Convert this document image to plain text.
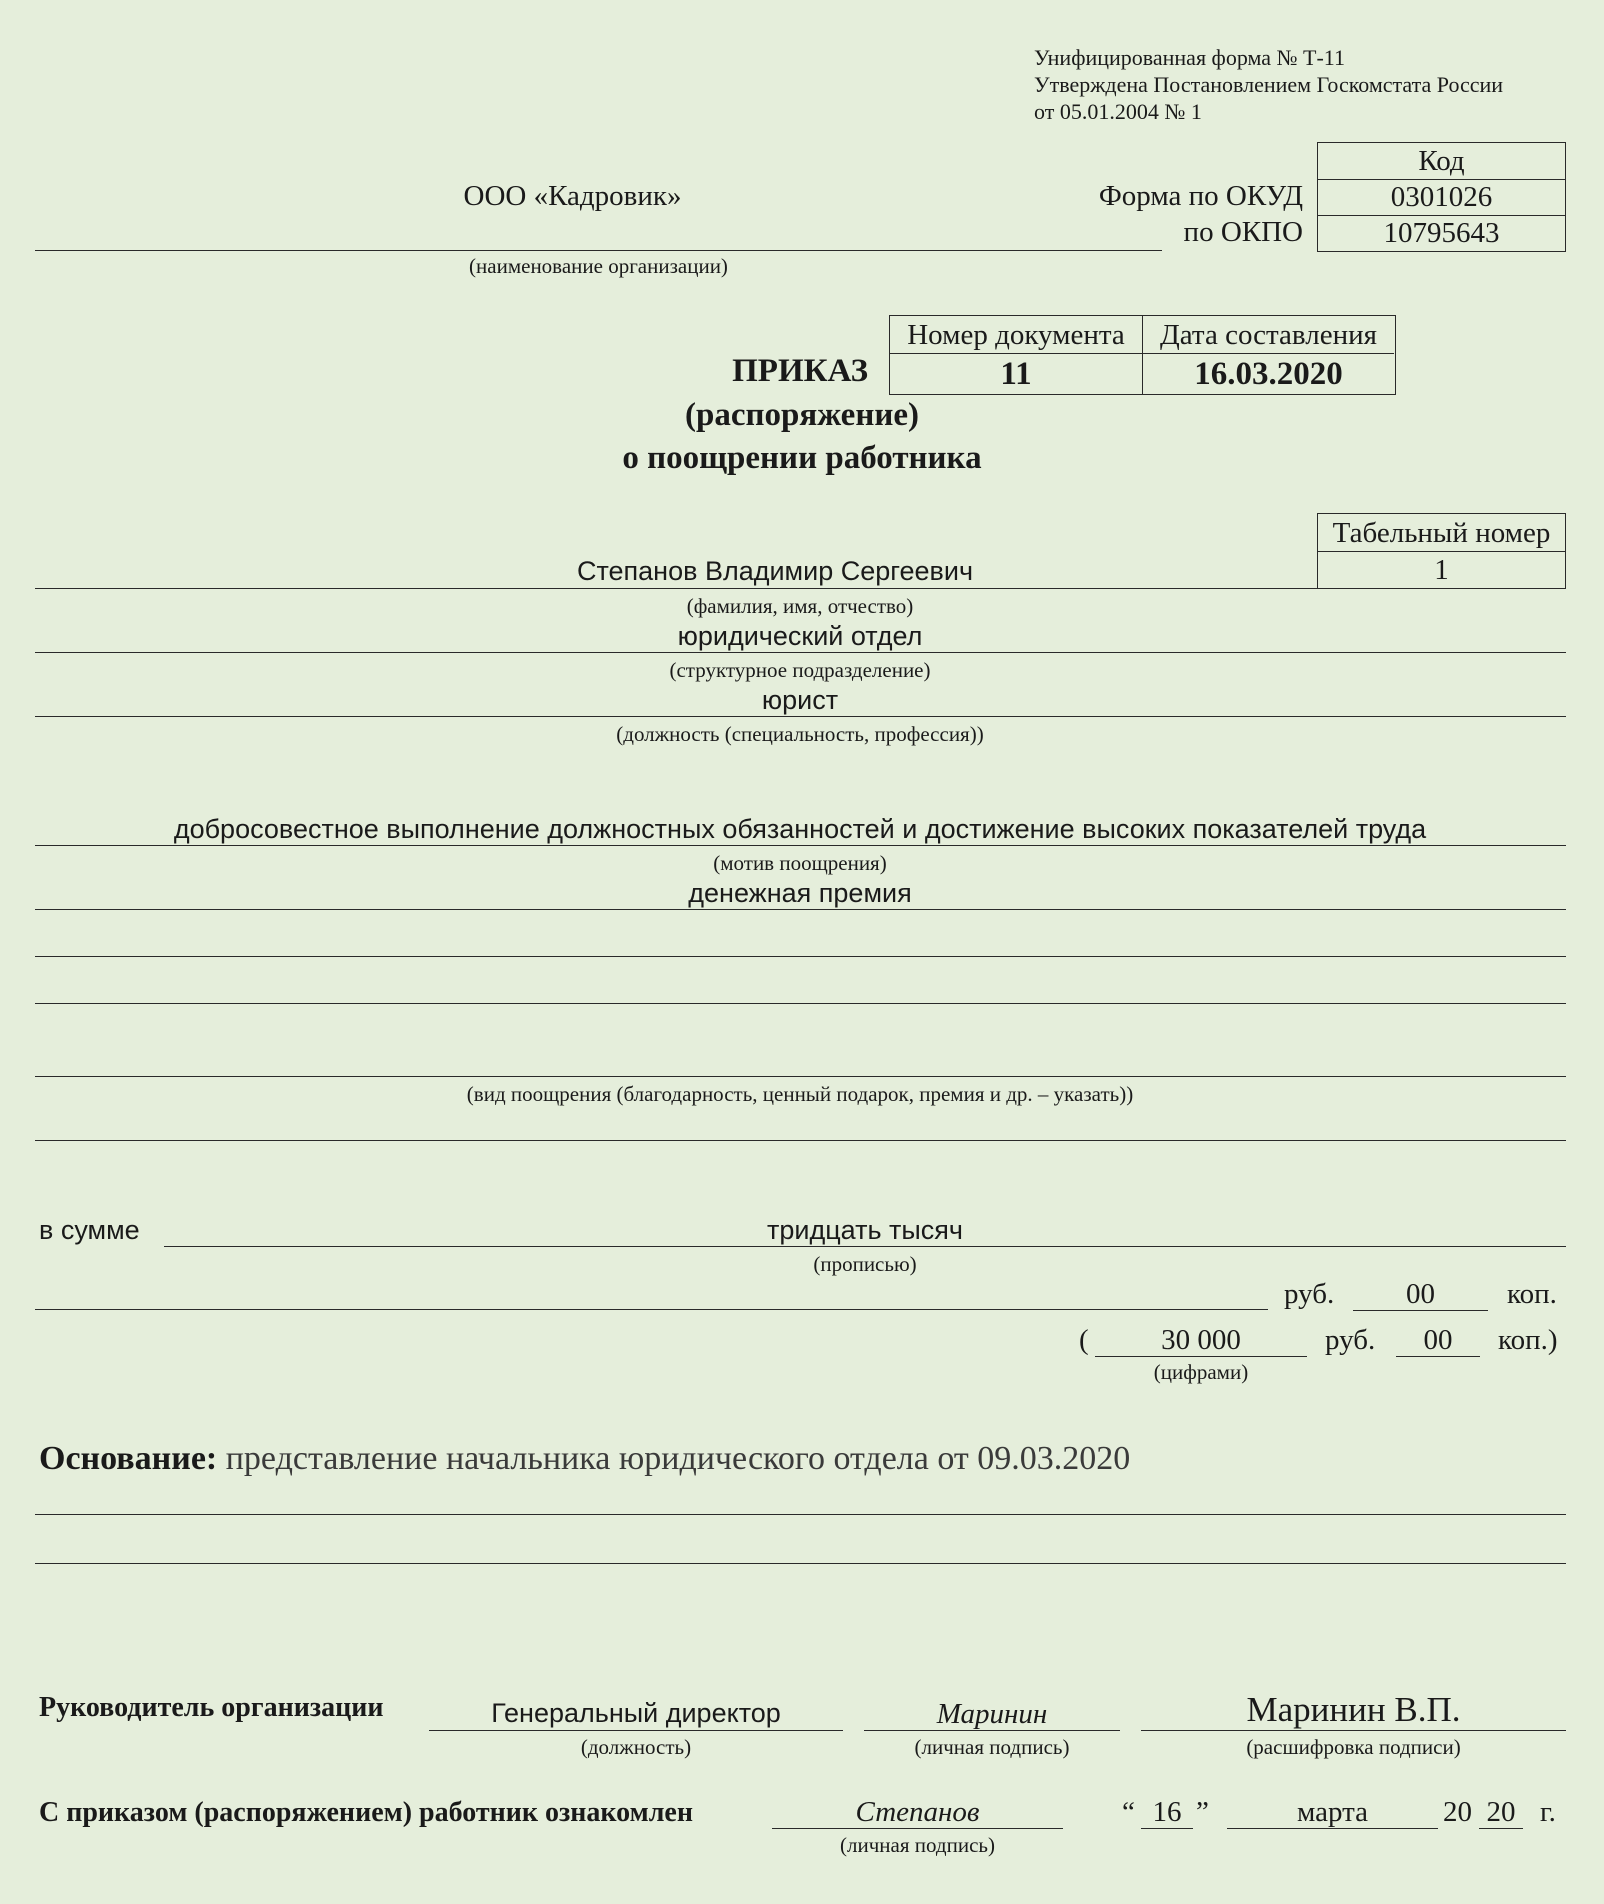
Унифицированная форма № Т-11
Утверждена Постановлением Госкомстата России
от 05.01.2004 № 1
Код
0301026
10795643
Форма по ОКУД
по ОКПО
ООО «Кадровик»
(наименование организации)
Номер документа	Дата составления
11	16.03.2020
ПРИКАЗ
(распоряжение)
о поощрении работника
Табельный номер
1
Степанов Владимир Сергеевич
(фамилия, имя, отчество)
юридический отдел
(структурное подразделение)
юрист
(должность (специальность, профессия))
добросовестное выполнение должностных обязанностей и достижение высоких показателей труда
(мотив поощрения)
денежная премия
(вид поощрения (благодарность, ценный подарок, премия и др. – указать))
в сумме	тридцать тысяч
(прописью)
руб.	00	коп.
(	30 000
(цифрами)
руб.	00	коп.)
Основание: представление начальника юридического отдела от 09.03.2020
Руководитель организации	Генеральный директор
(должность)
Маринин
(личная подпись)
Маринин В.П.
(расшифровка подписи)
С приказом (распоряжением) работник ознакомлен	Степанов
(личная подпись)
“ 16 ”	марта	20 20 г.
